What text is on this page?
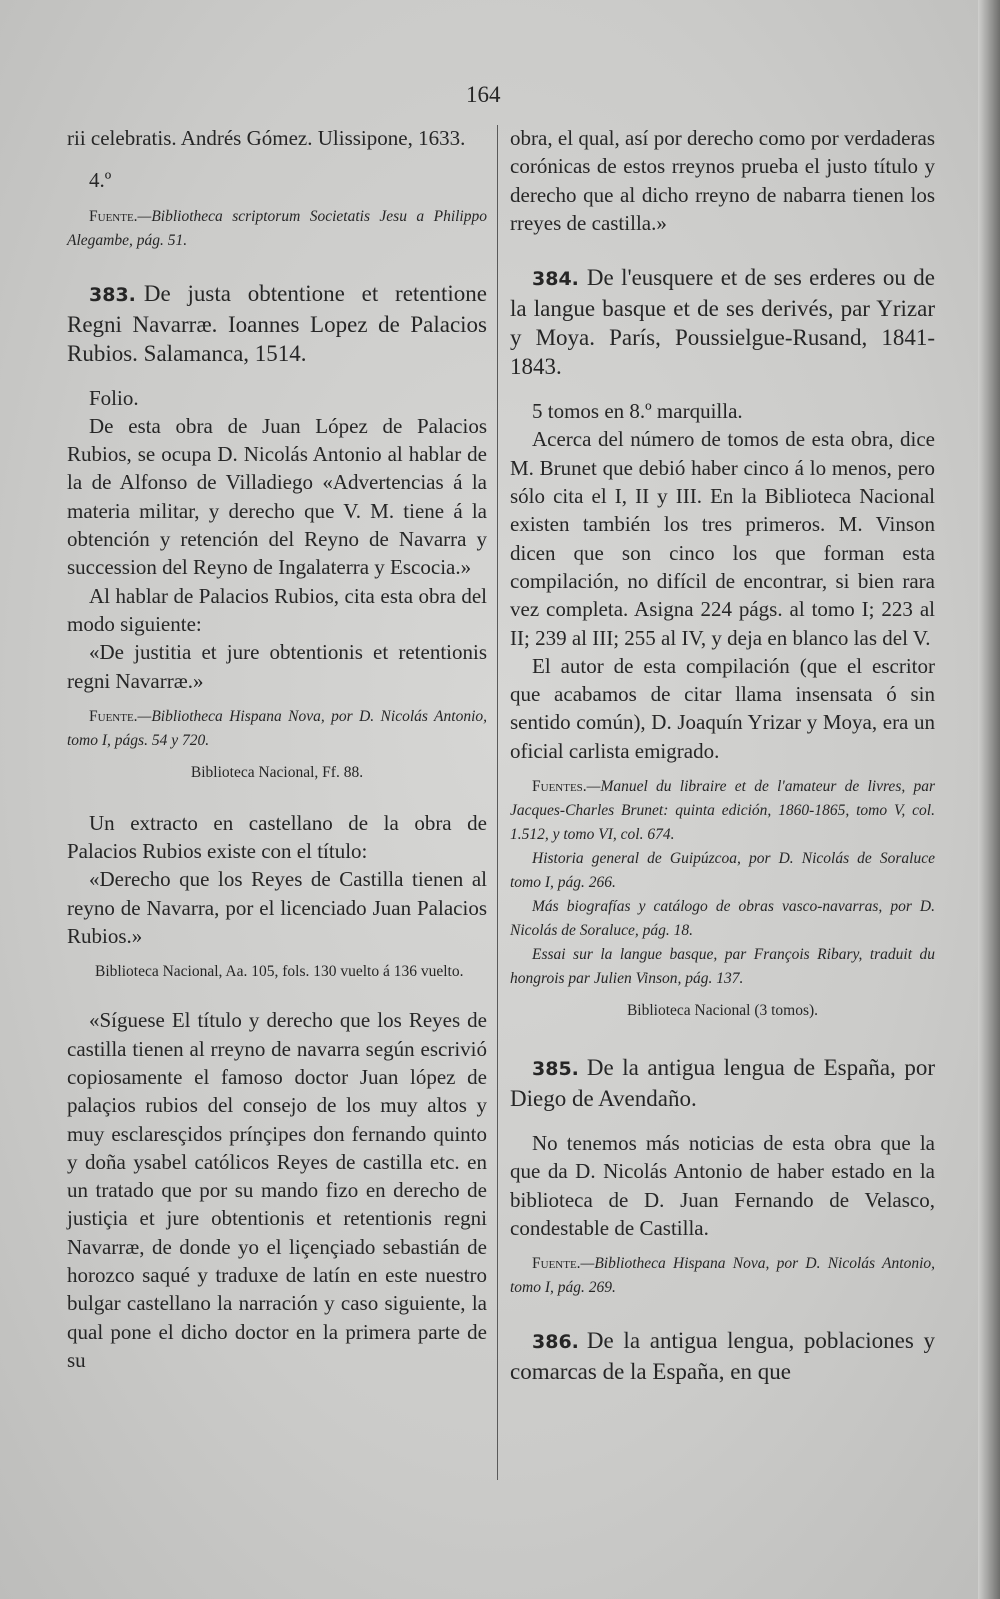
164

rii celebratis. Andrés Gómez. Ulissipone, 1633.

4.º

Fuente.—Bibliotheca scriptorum Societatis Jesu a Philippo Alegambe, pág. 51.

383. De justa obtentione et retentione Regni Navarræ. Ioannes Lopez de Palacios Rubios. Salamanca, 1514.

Folio.

De esta obra de Juan López de Palacios Rubios, se ocupa D. Nicolás Antonio al hablar de la de Alfonso de Villadiego «Advertencias á la materia militar, y derecho que V. M. tiene á la obtención y retención del Reyno de Navarra y succession del Reyno de Ingalaterra y Escocia.»

Al hablar de Palacios Rubios, cita esta obra del modo siguiente:

«De justitia et jure obtentionis et retentionis regni Navarræ.»

Fuente.—Bibliotheca Hispana Nova, por D. Nicolás Antonio, tomo I, págs. 54 y 720.

Biblioteca Nacional, Ff. 88.

Un extracto en castellano de la obra de Palacios Rubios existe con el título:

«Derecho que los Reyes de Castilla tienen al reyno de Navarra, por el licenciado Juan Palacios Rubios.»

Biblioteca Nacional, Aa. 105, fols. 130 vuelto á 136 vuelto.

«Síguese El título y derecho que los Reyes de castilla tienen al rreyno de navarra según escrivió copiosamente el famoso doctor Juan lópez de palaçios rubios del consejo de los muy altos y muy esclaresçidos prínçipes don fernando quinto y doña ysabel católicos Reyes de castilla etc. en un tratado que por su mando fizo en derecho de justiçia et jure obtentionis et retentionis regni Navarræ, de donde yo el liçençiado sebastián de horozco saqué y traduxe de latín en este nuestro bulgar castellano la narración y caso siguiente, la qual pone el dicho doctor en la primera parte de su

obra, el qual, así por derecho como por verdaderas corónicas de estos rreynos prueba el justo título y derecho que al dicho rreyno de nabarra tienen los rreyes de castilla.»

384. De l'eusquere et de ses erderes ou de la langue basque et de ses derivés, par Yrizar y Moya. París, Poussielgue-Rusand, 1841-1843.

5 tomos en 8.º marquilla.

Acerca del número de tomos de esta obra, dice M. Brunet que debió haber cinco á lo menos, pero sólo cita el I, II y III. En la Biblioteca Nacional existen también los tres primeros. M. Vinson dicen que son cinco los que forman esta compilación, no difícil de encontrar, si bien rara vez completa. Asigna 224 págs. al tomo I; 223 al II; 239 al III; 255 al IV, y deja en blanco las del V.

El autor de esta compilación (que el escritor que acabamos de citar llama insensata ó sin sentido común), D. Joaquín Yrizar y Moya, era un oficial carlista emigrado.

Fuentes.—Manuel du libraire et de l'amateur de livres, par Jacques-Charles Brunet: quinta edición, 1860-1865, tomo V, col. 1.512, y tomo VI, col. 674.

Historia general de Guipúzcoa, por D. Nicolás de Soraluce tomo I, pág. 266.

Más biografías y catálogo de obras vasco-navarras, por D. Nicolás de Soraluce, pág. 18.

Essai sur la langue basque, par François Ribary, traduit du hongrois par Julien Vinson, pág. 137.

Biblioteca Nacional (3 tomos).

385. De la antigua lengua de España, por Diego de Avendaño.

No tenemos más noticias de esta obra que la que da D. Nicolás Antonio de haber estado en la biblioteca de D. Juan Fernando de Velasco, condestable de Castilla.

Fuente.—Bibliotheca Hispana Nova, por D. Nicolás Antonio, tomo I, pág. 269.

386. De la antigua lengua, poblaciones y comarcas de la España, en que
